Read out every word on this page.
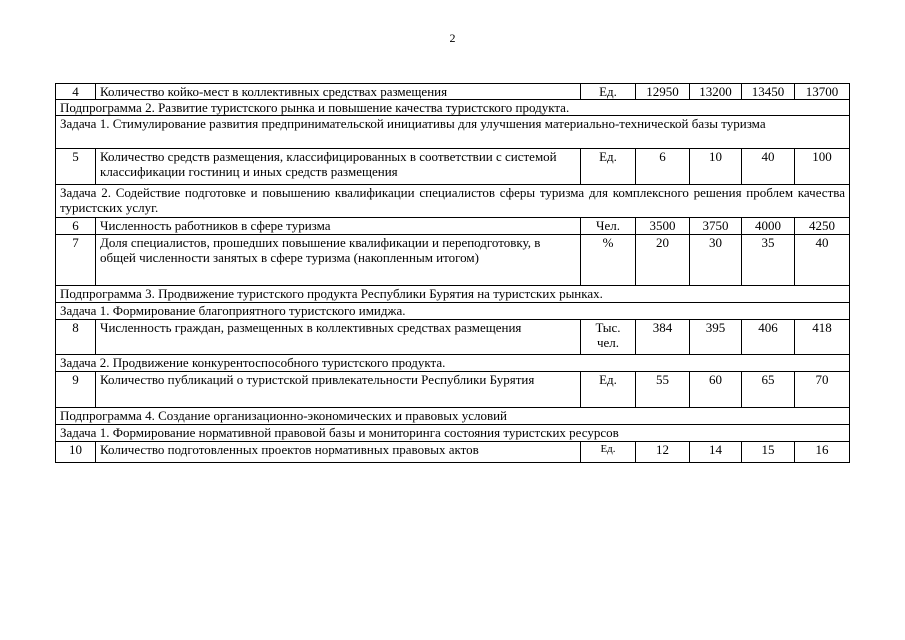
2
4	Количество койко-мест в коллективных средствах размещения	Ед.	12950	13200	13450	13700
Подпрограмма 2. Развитие туристского рынка и повышение качества туристского продукта.						
Задача 1. Стимулирование развития предпринимательской инициативы для улучшения материально-технической базы туризма						
5	Количество средств размещения, классифицированных в соответствии с системой классификации гостиниц и иных средств размещения	Ед.	6	10	40	100
Задача 2. Содействие подготовке и повышению квалификации специалистов сферы туризма для комплексного решения проблем качества туристских услуг.						
6	Численность работников в сфере туризма	Чел.	3500	3750	4000	4250
7	Доля специалистов, прошедших повышение квалификации и переподготовку, в общей численности занятых в сфере туризма (накопленным итогом)	%	20	30	35	40
Подпрограмма 3. Продвижение туристского продукта Республики Бурятия на туристских рынках.						
Задача 1. Формирование благоприятного туристского имиджа.						
8	Численность граждан, размещенных в коллективных средствах размещения	Тыс. чел.	384	395	406	418
Задача 2. Продвижение конкурентоспособного туристского продукта.						
9	Количество публикаций о туристской привлекательности Республики Бурятия	Ед.	55	60	65	70
Подпрограмма 4. Создание организационно-экономических и правовых условий						
Задача 1. Формирование нормативной правовой базы и мониторинга состояния туристских ресурсов						
10	Количество подготовленных проектов нормативных правовых актов	Ед.	12	14	15	16
